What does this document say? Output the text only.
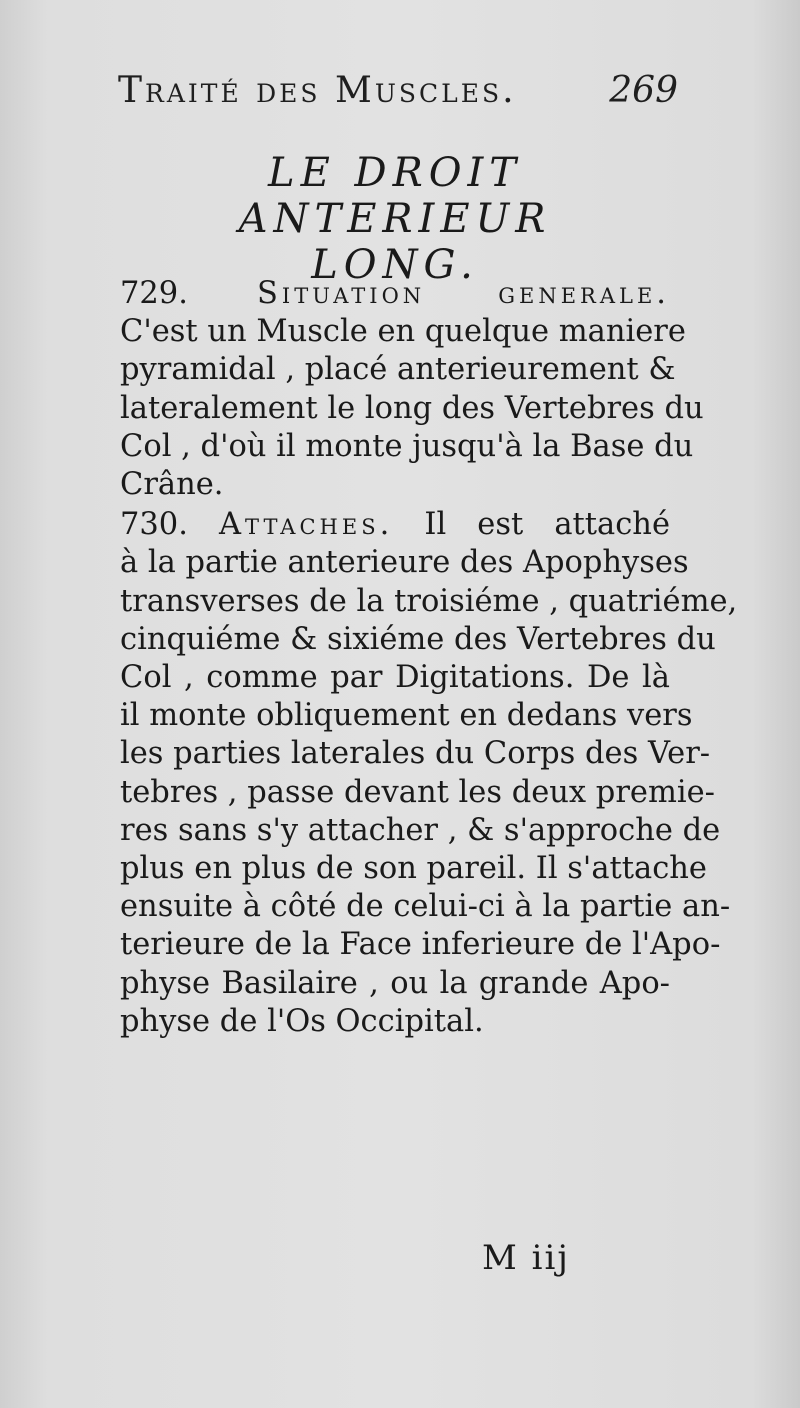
Traité des Muscles.	269
LE DROIT ANTERIEUR
LONG.
729. Situation generale.
C'est un Muscle en quelque maniere
pyramidal , placé anterieurement &
lateralement le long des Vertebres du
Col , d'où il monte jusqu'à la Base du
Crâne.
730. Attaches. Il est attaché
à la partie anterieure des Apophyses
transverses de la troisiéme , quatriéme,
cinquiéme & sixiéme des Vertebres du
Col , comme par Digitations. De là
il monte obliquement en dedans vers
les parties laterales du Corps des Ver-
tebres , passe devant les deux premie-
res sans s'y attacher , & s'approche de
plus en plus de son pareil. Il s'attache
ensuite à côté de celui-ci à la partie an-
terieure de la Face inferieure de l'Apo-
physe Basilaire , ou la grande Apo-
physe de l'Os Occipital.
M iij
